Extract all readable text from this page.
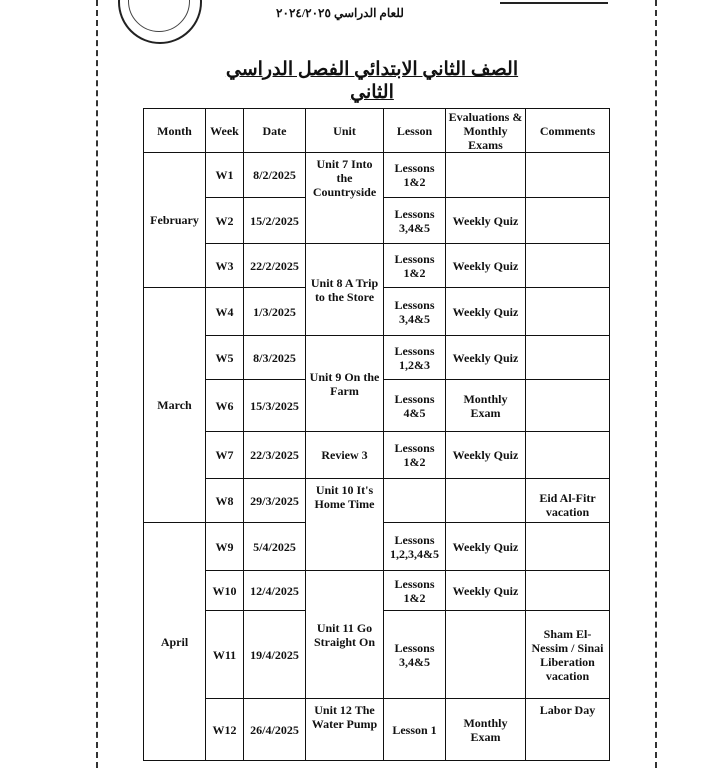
للعام الدراسي ٢٠٢٤/٢٠٢٥
الصف الثاني الابتدائي الفصل الدراسي الثاني
Month	Week	Date	Unit	Lesson	Evaluations & Monthly Exams	Comments
February	W1	8/2/2025	Unit 7 Into the Countryside	Lessons 1&2		
	W2	15/2/2025		Lessons 3,4&5	Weekly Quiz	
	W3	22/2/2025	Unit 8 A Trip to the Store	Lessons 1&2	Weekly Quiz	
March	W4	1/3/2025		Lessons 3,4&5	Weekly Quiz	
	W5	8/3/2025	Unit 9 On the Farm	Lessons 1,2&3	Weekly Quiz	
	W6	15/3/2025		Lessons 4&5	Monthly Exam	
	W7	22/3/2025	Review 3	Lessons 1&2	Weekly Quiz	
	W8	29/3/2025	Unit 10 It's Home Time			Eid Al-Fitr vacation
April	W9	5/4/2025		Lessons 1,2,3,4&5	Weekly Quiz	
	W10	12/4/2025	Unit 11 Go Straight On	Lessons 1&2	Weekly Quiz	
	W11	19/4/2025		Lessons 3,4&5		Sham El-Nessim / Sinai Liberation vacation
	W12	26/4/2025	Unit 12 The Water Pump	Lesson 1	Monthly Exam	Labor Day
